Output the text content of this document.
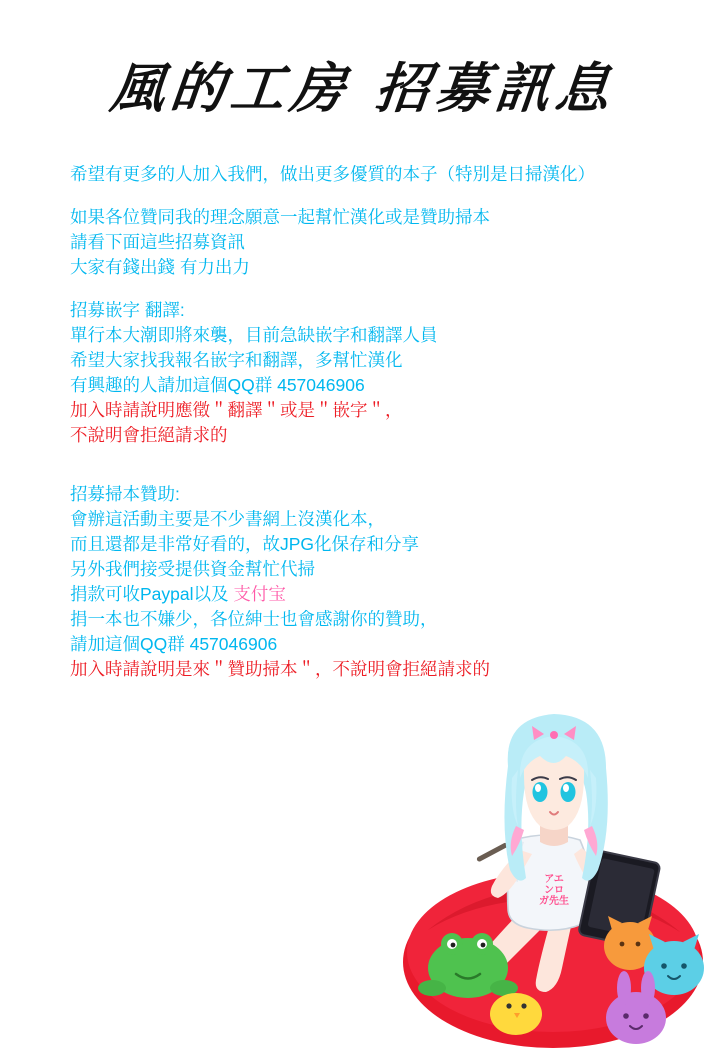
風的工房 招募訊息
希望有更多的人加入我們，做出更多優質的本子（特別是日掃漢化）
如果各位贊同我的理念願意一起幫忙漢化或是贊助掃本
請看下面這些招募資訊
大家有錢出錢 有力出力
招募嵌字 翻譯:
單行本大潮即將來襲，目前急缺嵌字和翻譯人員
希望大家找我報名嵌字和翻譯，多幫忙漢化
有興趣的人請加這個QQ群 457046906
加入時請說明應徵＂翻譯＂或是＂嵌字＂，
不說明會拒絕請求的
招募掃本贊助:
會辦這活動主要是不少書網上沒漢化本，
而且還都是非常好看的，故JPG化保存和分享
另外我們接受提供資金幫忙代掃
捐款可收Paypal以及 支付宝
捐一本也不嫌少，各位紳士也會感謝你的贊助，
請加這個QQ群 457046906
加入時請說明是來＂贊助掃本＂，不說明會拒絕請求的
アエ
ンロ
ガ先生
